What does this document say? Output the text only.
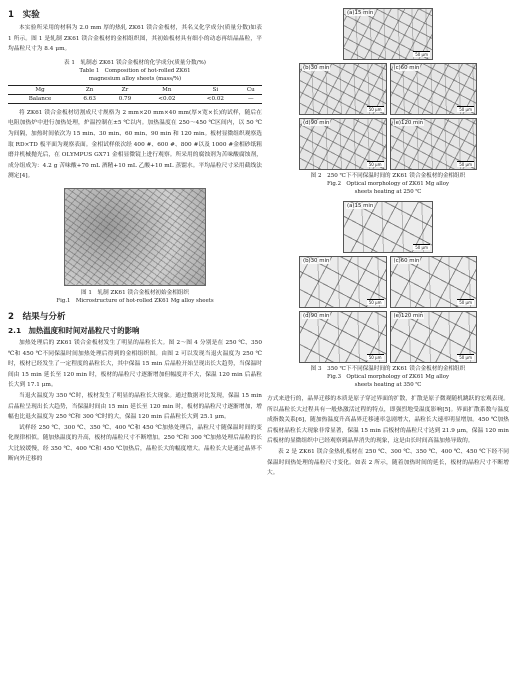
1　实验

本实验所采用的材料为 2.0 mm 厚的热轧 ZK61 镁合金板材，其名义化学成分(质量分数)如表 1 所示。图 1 是轧制 ZK61 镁合金板材的金相组织图，其初始板材具有细小的动态再结晶晶粒，平均晶粒尺寸为 8.4 μm。

表 1　轧制态 ZK61 镁合金板材的化学成分(质量分数/%)
Table 1　Composition of hot-rolled ZK61
magnesium alloy sheets (mass/%)
Mg	Zn	Zr	Mn	Si	Cu
Balance	6.63	0.79	<0.02	<0.02	—

将 ZK61 镁合金板材切割成尺寸规格为 2 mm×20 mm×40 mm(厚×宽×长)的试样，随后在电阻加热炉中进行加热处理，炉温控制在±5 ℃以内。加热温度在 250～450 ℃区间内，以 50 ℃为间隔，加热时间依次为 15 min、30 min、60 min、90 min 和 120 min。板材显微组织观察选取 RD×TD 板平面为观察表面。金相试样依次经 400 #、600 #、800 #以及 1000 #金相砂纸粗磨并机械抛光后，在 OLYMPUS GX71 金相显微镜上进行观察。所采用的腐蚀剂为苦味酸腐蚀剂，成分组成为：4.2 g 苦味酸+70 mL 酒精+10 mL 乙酸+10 mL 蒸馏水。平均晶粒尺寸采用截线法测定[4]。

图 1　轧制 ZK61 镁合金板材初始金相组织
Fig.1　Microstructure of hot-rolled ZK61 Mg alloy sheets
2　结果与分析
2.1　加热温度和时间对晶粒尺寸的影响

加热处理后的 ZK61 镁合金板材发生了明显的晶粒长大。图 2～图 4 分别是在 250 ℃、350 ℃和 450 ℃不同保温时间加热处理后得到的金相组织图。由图 2 可以发现当退火温度为 250 ℃时，板材已经发生了一定程度的晶粒长大，其中保温 15 min 后晶粒开始呈现出长大趋势，当保温时间由 15 min 延长至 120 min 时，板材的晶粒尺寸逐渐增加但幅度并不大，保温 120 min 后晶粒长大到 17.1 μm。

当退火温度为 350 ℃时，板材发生了明显的晶粒长大现象。通过数据对比发现，保温 15 min 后晶粒呈现出长大趋势，当保温时间由 15 min 延长至 120 min 时，板材的晶粒尺寸逐渐增加，增幅也比退火温度为 250 ℃和 300 ℃时的大，保温 120 min 后晶粒长大到 25.1 μm。

试样经 250 ℃、300 ℃、350 ℃、400 ℃和 450 ℃加热处理后，晶粒尺寸随保温时间的变化规律相似。随加热温度的升高，板材的晶粒尺寸不断增加。250 ℃和 300 ℃加热处理后晶粒的长大比较缓慢，经 350 ℃、400 ℃和 450 ℃加热后，晶粒长大的幅度增大。晶粒长大是通过晶界不断向外迁移的

(a)15 min
50 μm
(b)30 min
50 μm
(c)60 min
50 μm
(d)90 min
50 μm
(e)120 min
50 μm
图 2　250 ℃下不同保温时间的 ZK61 镁合金板材的金相组织
Fig.2　Optical morphology of ZK61 Mg alloy
sheets heating at 250 ℃
(a)15 min
50 μm
(b)30 min
50 μm
(c)60 min
50 μm
(d)90 min
50 μm
(e)120 min
50 μm
图 3　350 ℃下不同保温时间的 ZK61 镁合金板材的金相组织
Fig.3　Optical morphology of ZK61 Mg alloy
sheets heating at 350 ℃

方式来进行的，晶界迁移的本质是原子穿过界面的扩散，扩散是原子微观随机跳跃的宏观表现。所以晶粒长大过程具有一般热激活过程的特点，即强烈地受温度影响[5]。界面扩散系数与温度成指数关系[6]，随加热温度升高晶界迁移速率急剧增大，晶粒长大速率明显增加。450 ℃加热后板材晶粒长大现象非常显著，保温 15 min 后板材的晶粒尺寸达到 21.9 μm，保温 120 min 后板材的显微组织中已经观察到晶界消失的现象，这是由长时间高温加热导致的。

表 2 是 ZK61 镁合金热轧板材在 250 ℃、300 ℃、350 ℃、400 ℃、450 ℃下经不同保温时间热处理的晶粒尺寸变化。如表 2 所示，随着加热时间的延长，板材的晶粒尺寸不断增大。
